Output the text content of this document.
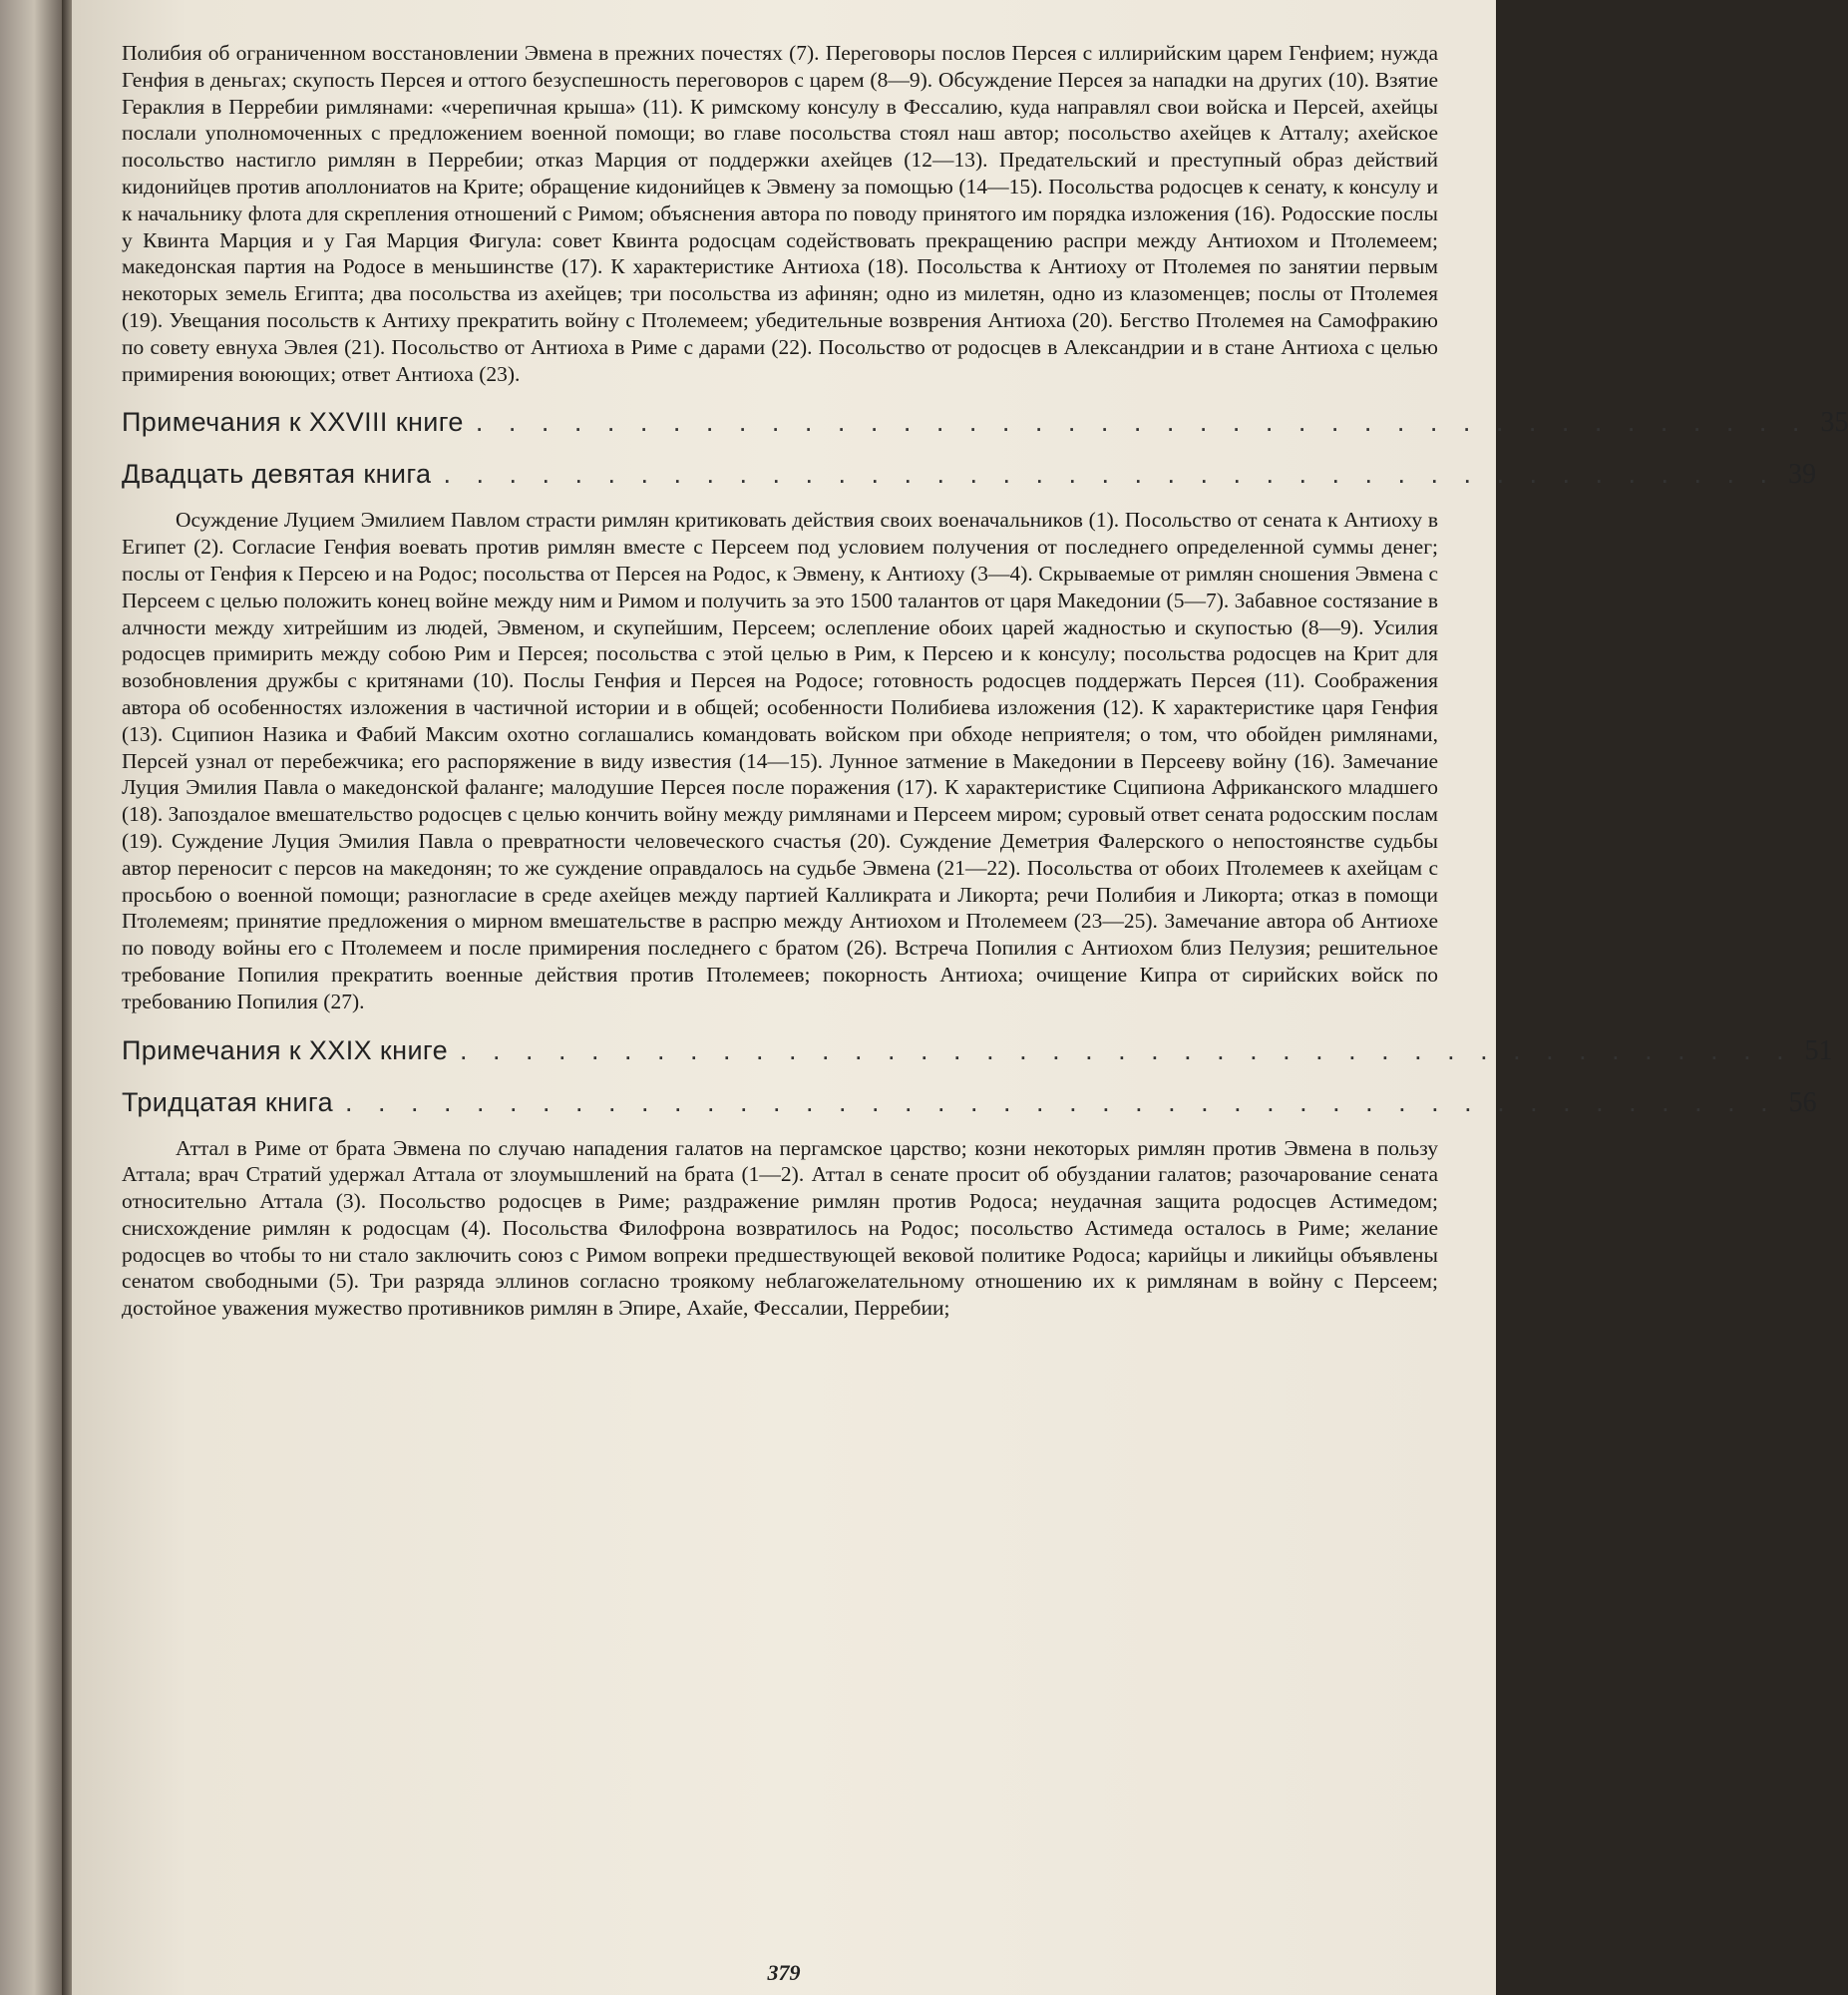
Полибия об ограниченном восстановлении Эвмена в прежних почестях (7). Переговоры послов Персея с иллирийским царем Генфием; нужда Генфия в деньгах; скупость Персея и оттого безуспешность переговоров с царем (8—9). Обсуждение Персея за нападки на других (10). Взятие Гераклия в Перребии римлянами: «черепичная крыша» (11). К римскому консулу в Фессалию, куда направлял свои войска и Персей, ахейцы послали уполномоченных с предложением военной помощи; во главе посольства стоял наш автор; посольство ахейцев к Атталу; ахейское посольство настигло римлян в Перребии; отказ Марция от поддержки ахейцев (12—13). Предательский и преступный образ действий кидонийцев против аполлониатов на Крите; обращение кидонийцев к Эвмену за помощью (14—15). Посольства родосцев к сенату, к консулу и к начальнику флота для скрепления отношений с Римом; объяснения автора по поводу принятого им порядка изложения (16). Родосские послы у Квинта Марция и у Гая Марция Фигула: совет Квинта родосцам содействовать прекращению распри между Антиохом и Птолемеем; македонская партия на Родосе в меньшинстве (17). К характеристике Антиоха (18). Посольства к Антиоху от Птолемея по занятии первым некоторых земель Египта; два посольства из ахейцев; три посольства из афинян; одно из милетян, одно из клазоменцев; послы от Птолемея (19). Увещания посольств к Антиху прекратить войну с Птолемеем; убедительные возврения Антиоха (20). Бегство Птолемея на Самофракию по совету евнуха Эвлея (21). Посольство от Антиоха в Риме с дарами (22). Посольство от родосцев в Александрии и в стане Антиоха с целью примирения воюющих; ответ Антиоха (23).

Примечания к XXVIII книге . . . . . . . . . . . . . . . . . . . . . . . . . . . . . . . . . . . . . . . . . 35
Двадцать девятая книга . . . . . . . . . . . . . . . . . . . . . . . . . . . . . . . . . . . . . . . . . 39

Осуждение Луцием Эмилием Павлом страсти римлян критиковать действия своих военачальников (1). Посольство от сената к Антиоху в Египет (2). Согласие Генфия воевать против римлян вместе с Персеем под условием получения от последнего определенной суммы денег; послы от Генфия к Персею и на Родос; посольства от Персея на Родос, к Эвмену, к Антиоху (3—4). Скрываемые от римлян сношения Эвмена с Персеем с целью положить конец войне между ним и Римом и получить за это 1500 талантов от царя Македонии (5—7). Забавное состязание в алчности между хитрейшим из людей, Эвменом, и скупейшим, Персеем; ослепление обоих царей жадностью и скупостью (8—9). Усилия родосцев примирить между собою Рим и Персея; посольства с этой целью в Рим, к Персею и к консулу; посольства родосцев на Крит для возобновления дружбы с критянами (10). Послы Генфия и Персея на Родосе; готовность родосцев поддержать Персея (11). Соображения автора об особенностях изложения в частичной истории и в общей; особенности Полибиева изложения (12). К характеристике царя Генфия (13). Сципион Назика и Фабий Максим охотно соглашались командовать войском при обходе неприятеля; о том, что обойден римлянами, Персей узнал от перебежчика; его распоряжение в виду известия (14—15). Лунное затмение в Македонии в Персееву войну (16). Замечание Луция Эмилия Павла о македонской фаланге; малодушие Персея после поражения (17). К характеристике Сципиона Африканского младшего (18). Запоздалое вмешательство родосцев с целью кончить войну между римлянами и Персеем миром; суровый ответ сената родосским послам (19). Суждение Луция Эмилия Павла о превратности человеческого счастья (20). Суждение Деметрия Фалерского о непостоянстве судьбы автор переносит с персов на македонян; то же суждение оправдалось на судьбе Эвмена (21—22). Посольства от обоих Птолемеев к ахейцам с просьбою о военной помощи; разногласие в среде ахейцев между партией Калликрата и Ликорта; речи Полибия и Ликорта; отказ в помощи Птолемеям; принятие предложения о мирном вмешательстве в распрю между Антиохом и Птолемеем (23—25). Замечание автора об Антиохе по поводу войны его с Птолемеем и после примирения последнего с братом (26). Встреча Попилия с Антиохом близ Пелузия; решительное требование Попилия прекратить военные действия против Птолемеев; покорность Антиоха; очищение Кипра от сирийских войск по требованию Попилия (27).

Примечания к XXIX книге . . . . . . . . . . . . . . . . . . . . . . . . . . . . . . . . . . . . . . . . . 51
Тридцатая книга . . . . . . . . . . . . . . . . . . . . . . . . . . . . . . . . . . . . . . . . . . . . 56

Аттал в Риме от брата Эвмена по случаю нападения галатов на пергамское царство; козни некоторых римлян против Эвмена в пользу Аттала; врач Стратий удержал Аттала от злоумышлений на брата (1—2). Аттал в сенате просит об обуздании галатов; разочарование сената относительно Аттала (3). Посольство родосцев в Риме; раздражение римлян против Родоса; неудачная защита родосцев Астимедом; снисхождение римлян к родосцам (4). Посольства Филофрона возвратилось на Родос; посольство Астимеда осталось в Риме; желание родосцев во чтобы то ни стало заключить союз с Римом вопреки предшествующей вековой политике Родоса; карийцы и ликийцы объявлены сенатом свободными (5). Три разряда эллинов согласно троякому неблагожелательному отношению их к римлянам в войну с Персеем; достойное уважения мужество противников римлян в Эпире, Ахайе, Фессалии, Перребии;

379
